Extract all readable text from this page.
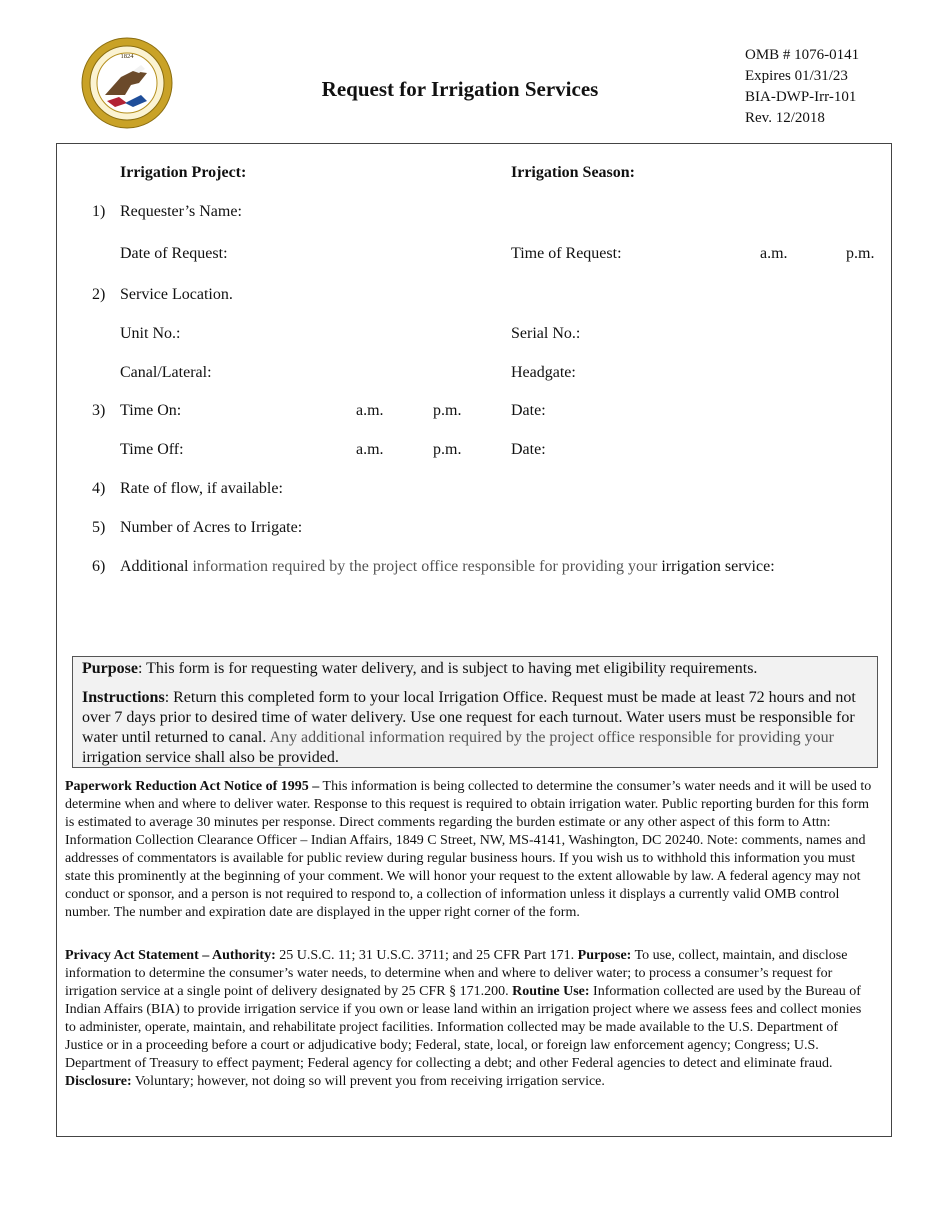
1824
Request for Irrigation Services
OMB # 1076-0141
Expires 01/31/23
BIA-DWP-Irr-101
Rev. 12/2018
Irrigation Project:	Irrigation Season:
1) Requester’s Name:
Date of Request:	Time of Request:	a.m.	p.m.
2) Service Location.
Unit No.:	Serial No.:
Canal/Lateral:	Headgate:
3) Time On:	a.m.	p.m.	Date:
Time Off:	a.m.	p.m.	Date:
4) Rate of flow, if available:
5) Number of Acres to Irrigate:
6) Additional information required by the project office responsible for providing your irrigation service:

Purpose: This form is for requesting water delivery, and is subject to having met eligibility requirements.

Instructions: Return this completed form to your local Irrigation Office. Request must be made at least 72 hours and not over 7 days prior to desired time of water delivery. Use one request for each turnout. Water users must be responsible for water until returned to canal. Any additional information required by the project office responsible for providing your irrigation service shall also be provided.

Paperwork Reduction Act Notice of 1995 – This information is being collected to determine the consumer’s water needs and it will be used to determine when and where to deliver water. Response to this request is required to obtain irrigation water. Public reporting burden for this form is estimated to average 30 minutes per response. Direct comments regarding the burden estimate or any other aspect of this form to Attn: Information Collection Clearance Officer – Indian Affairs, 1849 C Street, NW, MS-4141, Washington, DC 20240. Note: comments, names and addresses of commentators is available for public review during regular business hours. If you wish us to withhold this information you must state this prominently at the beginning of your comment. We will honor your request to the extent allowable by law. A federal agency may not conduct or sponsor, and a person is not required to respond to, a collection of information unless it displays a currently valid OMB control number. The number and expiration date are displayed in the upper right corner of the form.

Privacy Act Statement – Authority: 25 U.S.C. 11; 31 U.S.C. 3711; and 25 CFR Part 171. Purpose: To use, collect, maintain, and disclose information to determine the consumer’s water needs, to determine when and where to deliver water; to process a consumer’s request for irrigation service at a single point of delivery designated by 25 CFR § 171.200. Routine Use: Information collected are used by the Bureau of Indian Affairs (BIA) to provide irrigation service if you own or lease land within an irrigation project where we assess fees and collect monies to administer, operate, maintain, and rehabilitate project facilities. Information collected may be made available to the U.S. Department of Justice or in a proceeding before a court or adjudicative body; Federal, state, local, or foreign law enforcement agency; Congress; U.S. Department of Treasury to effect payment; Federal agency for collecting a debt; and other Federal agencies to detect and eliminate fraud. Disclosure: Voluntary; however, not doing so will prevent you from receiving irrigation service.
